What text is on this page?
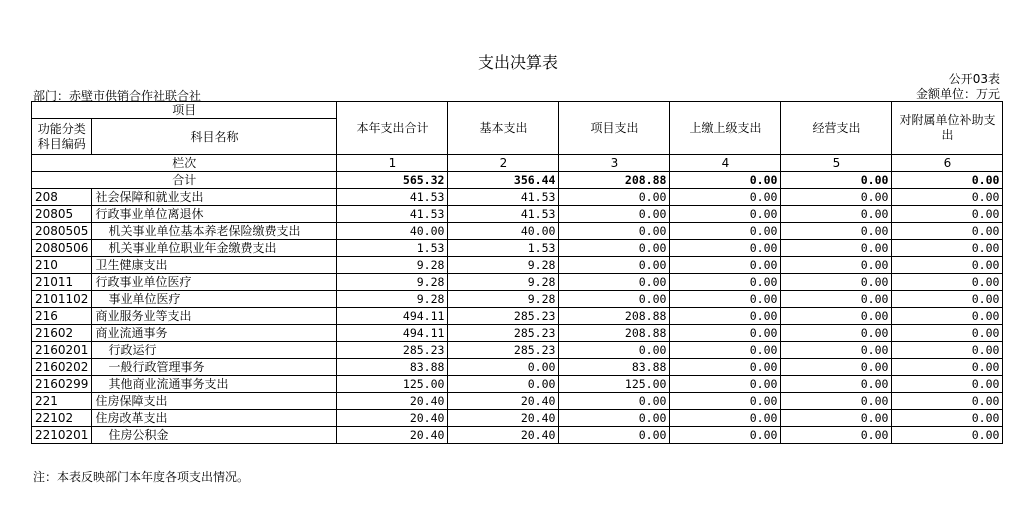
支出决算表
公开03表
金额单位：万元
部门：赤壁市供销合作社联合社
项目		本年支出合计	基本支出	项目支出	上缴上级支出	经营支出	对附属单位补助支出
功能分类科目编码	科目名称						

栏次		1	2	3	4	5	6
合计		565.32	356.44	208.88	0.00	0.00	0.00
208	社会保障和就业支出	41.53	41.53	0.00	0.00	0.00	0.00
20805	行政事业单位离退休	41.53	41.53	0.00	0.00	0.00	0.00
2080505	机关事业单位基本养老保险缴费支出	40.00	40.00	0.00	0.00	0.00	0.00
2080506	机关事业单位职业年金缴费支出	1.53	1.53	0.00	0.00	0.00	0.00
210	卫生健康支出	9.28	9.28	0.00	0.00	0.00	0.00
21011	行政事业单位医疗	9.28	9.28	0.00	0.00	0.00	0.00
2101102	事业单位医疗	9.28	9.28	0.00	0.00	0.00	0.00
216	商业服务业等支出	494.11	285.23	208.88	0.00	0.00	0.00
21602	商业流通事务	494.11	285.23	208.88	0.00	0.00	0.00
2160201	行政运行	285.23	285.23	0.00	0.00	0.00	0.00
2160202	一般行政管理事务	83.88	0.00	83.88	0.00	0.00	0.00
2160299	其他商业流通事务支出	125.00	0.00	125.00	0.00	0.00	0.00
221	住房保障支出	20.40	20.40	0.00	0.00	0.00	0.00
22102	住房改革支出	20.40	20.40	0.00	0.00	0.00	0.00
2210201	住房公积金	20.40	20.40	0.00	0.00	0.00	0.00
注：本表反映部门本年度各项支出情况。
